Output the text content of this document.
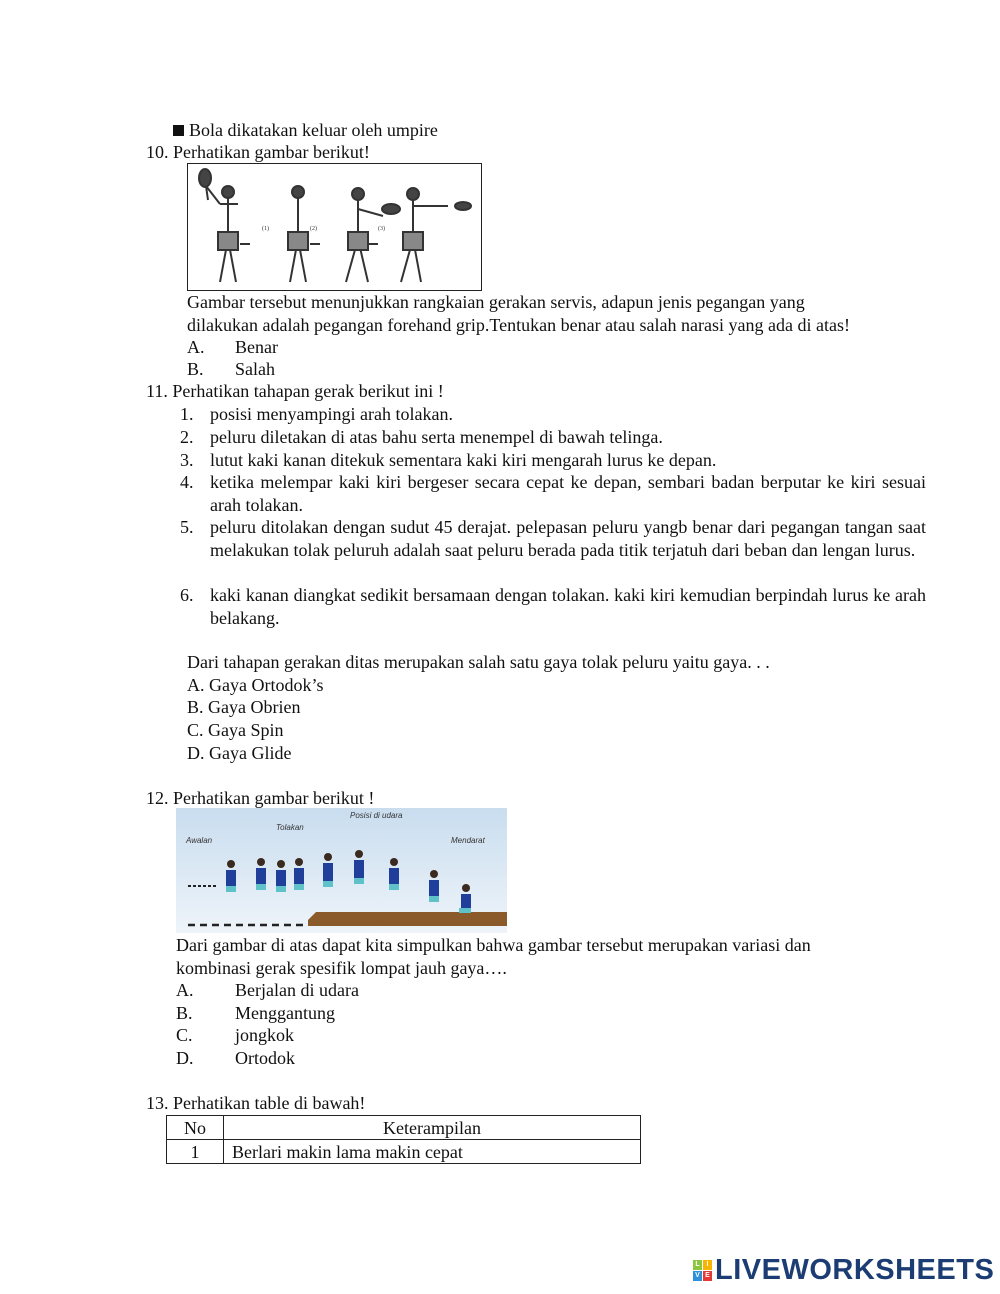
Bola dikatakan keluar oleh umpire
10. Perhatikan gambar berikut!
(1)	(2)	(3)
Gambar tersebut menunjukkan rangkaian gerakan servis, adapun jenis pegangan yang
dilakukan adalah pegangan forehand grip.Tentukan benar atau salah narasi yang ada di atas!
A. Benar
B. Salah
11. Perhatikan tahapan gerak berikut ini !
1. posisi menyampingi arah tolakan.
2. peluru diletakan di atas bahu serta menempel di bawah telinga.
3. lutut kaki kanan ditekuk sementara kaki kiri mengarah lurus ke depan.
4. ketika melempar kaki kiri bergeser secara cepat ke depan, sembari badan berputar ke kiri sesuai arah tolakan.
5. peluru ditolakan dengan sudut 45 derajat. pelepasan peluru yangb benar dari pegangan tangan saat melakukan tolak peluruh adalah saat peluru berada pada titik terjatuh dari beban dan lengan lurus.
6. kaki kanan diangkat sedikit bersamaan dengan tolakan. kaki kiri kemudian berpindah lurus ke arah belakang.
Dari tahapan gerakan ditas merupakan salah satu gaya tolak peluru yaitu gaya. . .
A. Gaya Ortodok’s
B. Gaya Obrien
C. Gaya Spin
D. Gaya Glide
12. Perhatikan gambar berikut !
Awalan
Tolakan
Posisi di udara
Mendarat
Dari gambar di atas dapat kita simpulkan bahwa gambar tersebut merupakan variasi dan
kombinasi gerak spesifik lompat jauh gaya….
A. Berjalan di udara
B. Menggantung
C. jongkok
D. Ortodok
13. Perhatikan table di bawah!
No	Keterampilan
1	Berlari makin lama makin cepat
L I
V E LIVEWORKSHEETS
